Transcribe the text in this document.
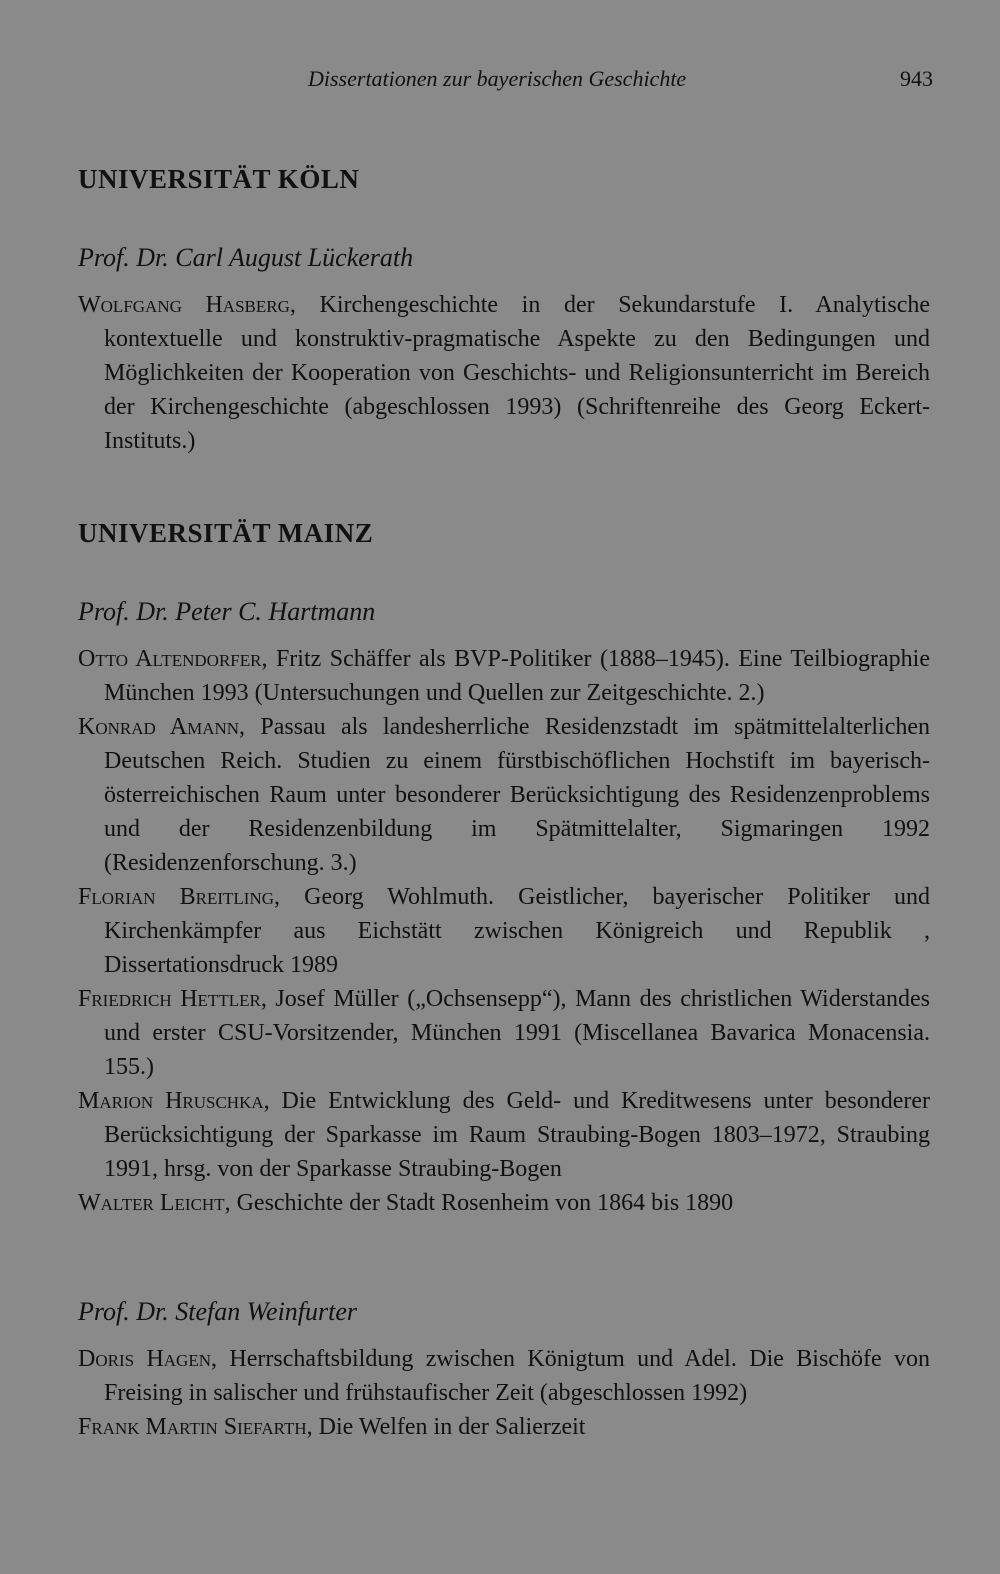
Dissertationen zur bayerischen Geschichte	943
UNIVERSITÄT KÖLN
Prof. Dr. Carl August Lückerath

Wolfgang Hasberg, Kirchengeschichte in der Sekundarstufe I. Analytische kontextuelle und konstruktiv-pragmatische Aspekte zu den Bedingungen und Möglichkeiten der Kooperation von Geschichts- und Religionsunterricht im Bereich der Kirchengeschichte (abgeschlossen 1993) (Schriftenreihe des Georg Eckert-Instituts.)

UNIVERSITÄT MAINZ
Prof. Dr. Peter C. Hartmann

Otto Altendorfer, Fritz Schäffer als BVP-Politiker (1888–1945). Eine Teilbiographie München 1993 (Untersuchungen und Quellen zur Zeitgeschichte. 2.)

Konrad Amann, Passau als landesherrliche Residenzstadt im spätmittelalterlichen Deutschen Reich. Studien zu einem fürstbischöflichen Hochstift im bayerisch-österreichischen Raum unter besonderer Berücksichtigung des Residenzenproblems und der Residenzenbildung im Spätmittelalter, Sigmaringen 1992 (Residenzenforschung. 3.)

Florian Breitling, Georg Wohlmuth. Geistlicher, bayerischer Politiker und Kirchenkämpfer aus Eichstätt zwischen Königreich und Republik , Dissertationsdruck 1989

Friedrich Hettler, Josef Müller („Ochsensepp“), Mann des christlichen Widerstandes und erster CSU-Vorsitzender, München 1991 (Miscellanea Bavarica Monacensia. 155.)

Marion Hruschka, Die Entwicklung des Geld- und Kreditwesens unter besonderer Berücksichtigung der Sparkasse im Raum Straubing-Bogen 1803–1972, Straubing 1991, hrsg. von der Sparkasse Straubing-Bogen

Walter Leicht, Geschichte der Stadt Rosenheim von 1864 bis 1890

Prof. Dr. Stefan Weinfurter

Doris Hagen, Herrschaftsbildung zwischen Königtum und Adel. Die Bischöfe von Freising in salischer und frühstaufischer Zeit (abgeschlossen 1992)

Frank Martin Siefarth, Die Welfen in der Salierzeit
